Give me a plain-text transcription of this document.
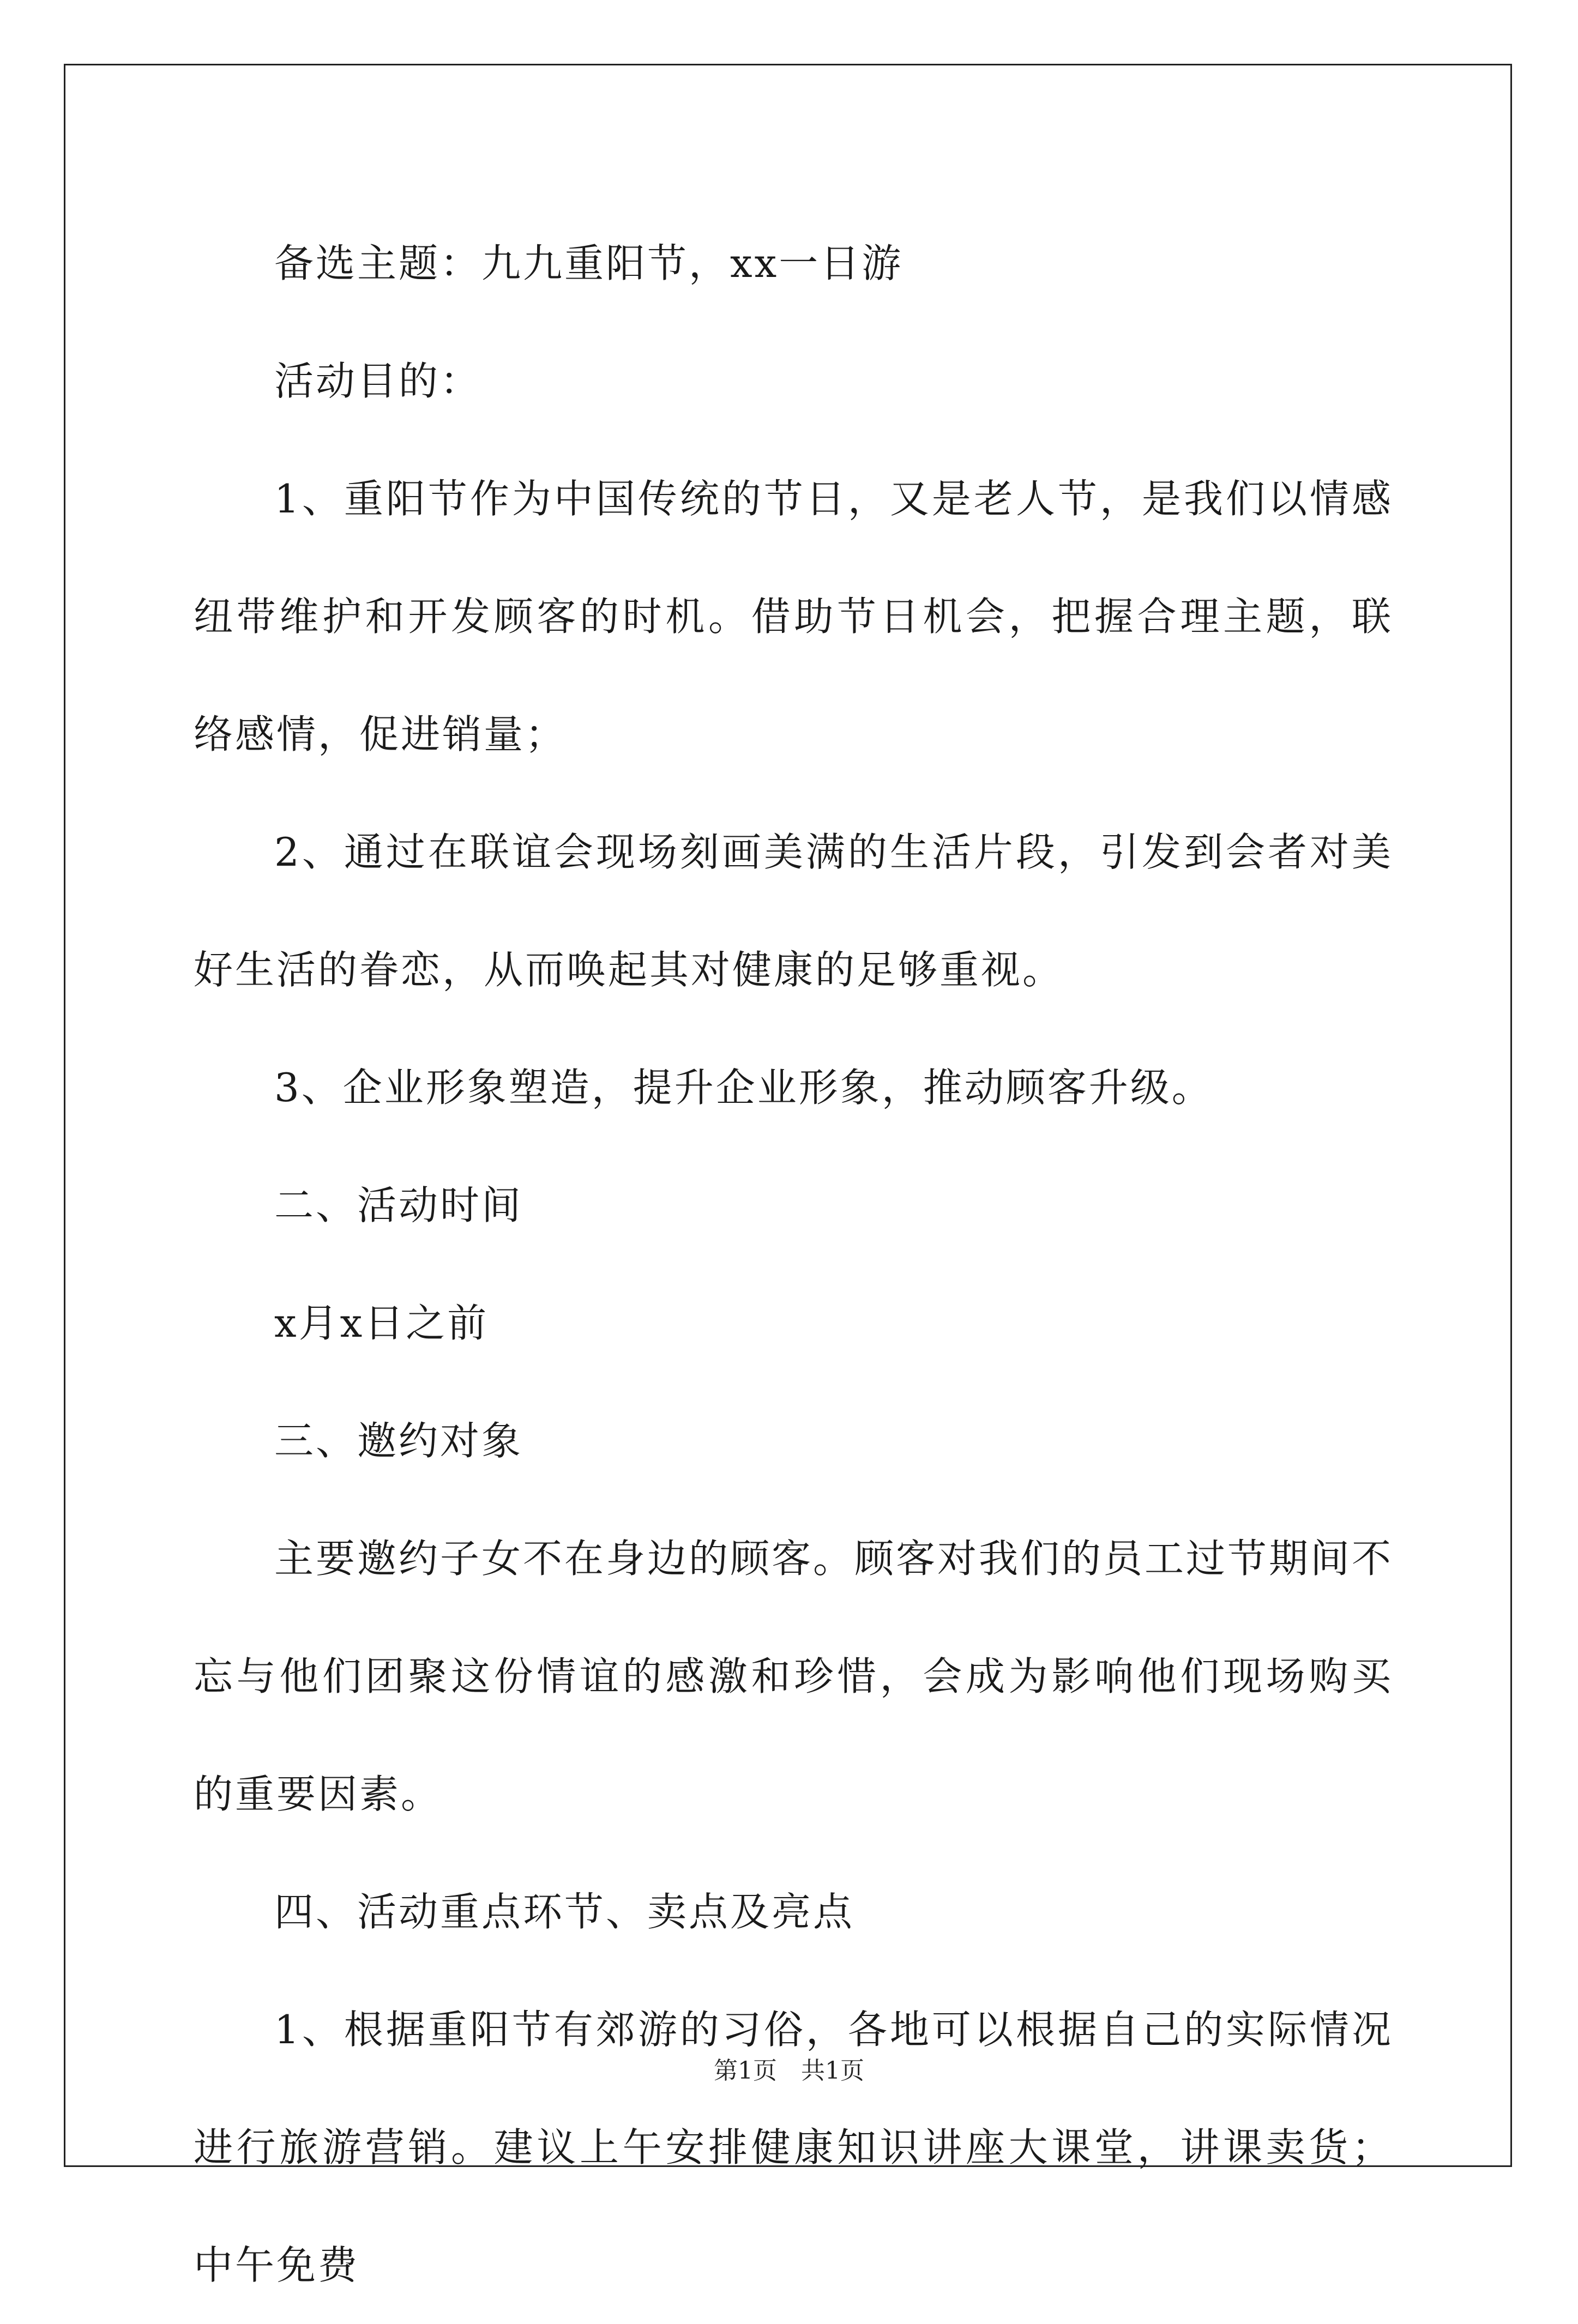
备选主题：九九重阳节，xx一日游

活动目的：

1、重阳节作为中国传统的节日，又是老人节，是我们以情感纽带维护和开发顾客的时机。借助节日机会，把握合理主题，联络感情，促进销量；

2、通过在联谊会现场刻画美满的生活片段，引发到会者对美好生活的眷恋，从而唤起其对健康的足够重视。

3、企业形象塑造，提升企业形象，推动顾客升级。

二、活动时间

x月x日之前

三、邀约对象

主要邀约子女不在身边的顾客。顾客对我们的员工过节期间不忘与他们团聚这份情谊的感激和珍惜，会成为影响他们现场购买的重要因素。

四、活动重点环节、卖点及亮点

1、根据重阳节有郊游的习俗，各地可以根据自己的实际情况进行旅游营销。建议上午安排健康知识讲座大课堂，讲课卖货；中午免费

第1页　共1页
